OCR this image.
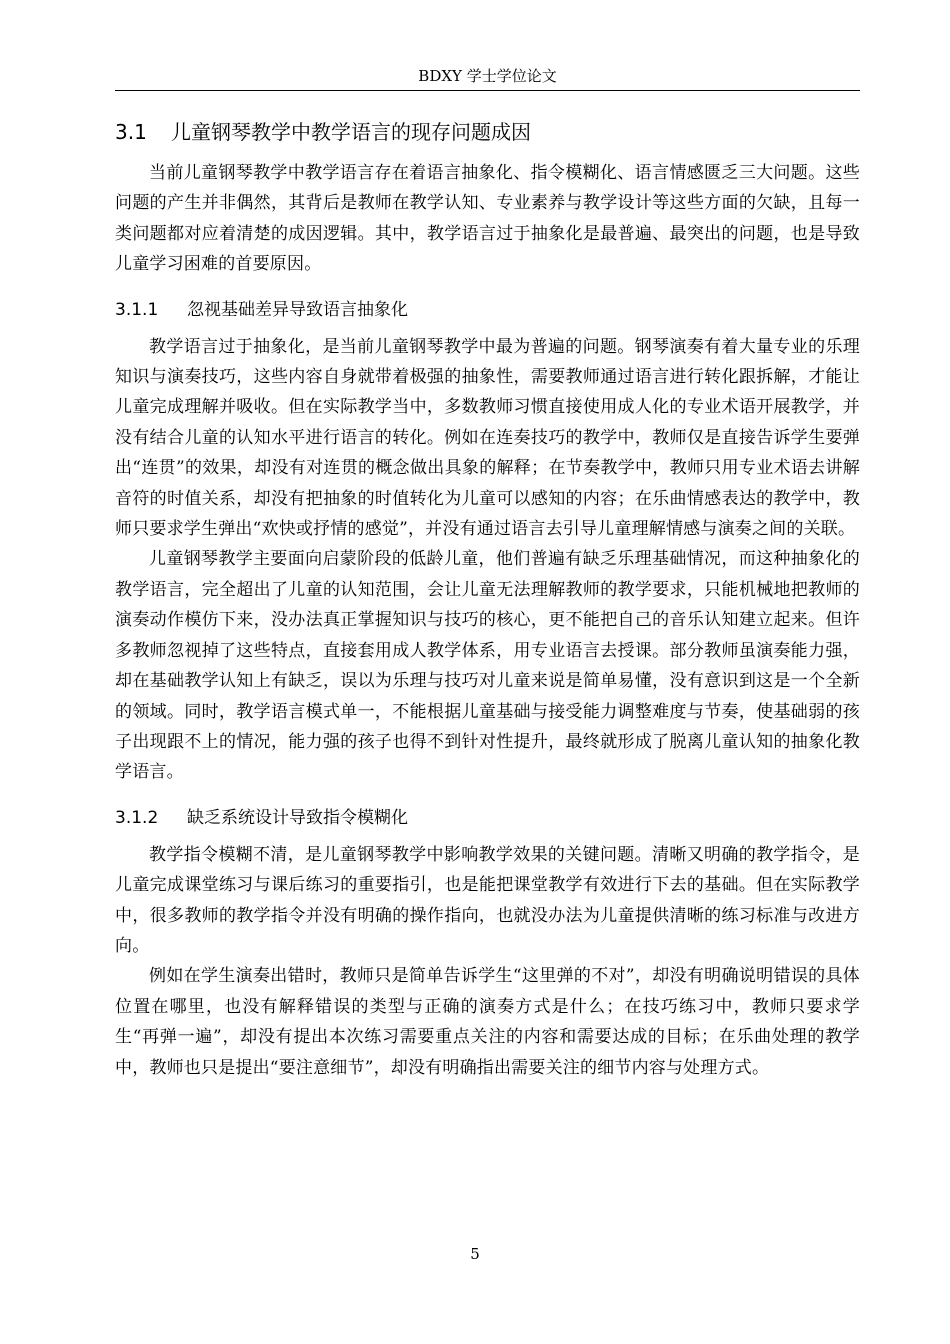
BDXY 学士学位论文
3.1	儿童钢琴教学中教学语言的现存问题成因

当前儿童钢琴教学中教学语言存在着语言抽象化、指令模糊化、语言情感匮乏三大问题。这些问题的产生并非偶然，其背后是教师在教学认知、专业素养与教学设计等这些方面的欠缺，且每一类问题都对应着清楚的成因逻辑。其中，教学语言过于抽象化是最普遍、最突出的问题，也是导致儿童学习困难的首要原因。

3.1.1	忽视基础差异导致语言抽象化

教学语言过于抽象化，是当前儿童钢琴教学中最为普遍的问题。钢琴演奏有着大量专业的乐理知识与演奏技巧，这些内容自身就带着极强的抽象性，需要教师通过语言进行转化跟拆解，才能让儿童完成理解并吸收。但在实际教学当中，多数教师习惯直接使用成人化的专业术语开展教学，并没有结合儿童的认知水平进行语言的转化。例如在连奏技巧的教学中，教师仅是直接告诉学生要弹出“连贯”的效果，却没有对连贯的概念做出具象的解释；在节奏教学中，教师只用专业术语去讲解音符的时值关系，却没有把抽象的时值转化为儿童可以感知的内容；在乐曲情感表达的教学中，教师只要求学生弹出“欢快或抒情的感觉”，并没有通过语言去引导儿童理解情感与演奏之间的关联。

儿童钢琴教学主要面向启蒙阶段的低龄儿童，他们普遍有缺乏乐理基础情况，而这种抽象化的教学语言，完全超出了儿童的认知范围，会让儿童无法理解教师的教学要求，只能机械地把教师的演奏动作模仿下来，没办法真正掌握知识与技巧的核心，更不能把自己的音乐认知建立起来。但许多教师忽视掉了这些特点，直接套用成人教学体系，用专业语言去授课。部分教师虽演奏能力强，却在基础教学认知上有缺乏，误以为乐理与技巧对儿童来说是简单易懂，没有意识到这是一个全新的领域。同时，教学语言模式单一，不能根据儿童基础与接受能力调整难度与节奏，使基础弱的孩子出现跟不上的情况，能力强的孩子也得不到针对性提升，最终就形成了脱离儿童认知的抽象化教学语言。

3.1.2	缺乏系统设计导致指令模糊化

教学指令模糊不清，是儿童钢琴教学中影响教学效果的关键问题。清晰又明确的教学指令，是儿童完成课堂练习与课后练习的重要指引，也是能把课堂教学有效进行下去的基础。但在实际教学中，很多教师的教学指令并没有明确的操作指向，也就没办法为儿童提供清晰的练习标准与改进方向。

例如在学生演奏出错时，教师只是简单告诉学生“这里弹的不对”，却没有明确说明错误的具体位置在哪里，也没有解释错误的类型与正确的演奏方式是什么；在技巧练习中，教师只要求学生“再弹一遍”，却没有提出本次练习需要重点关注的内容和需要达成的目标；在乐曲处理的教学中，教师也只是提出“要注意细节”，却没有明确指出需要关注的细节内容与处理方式。

5
